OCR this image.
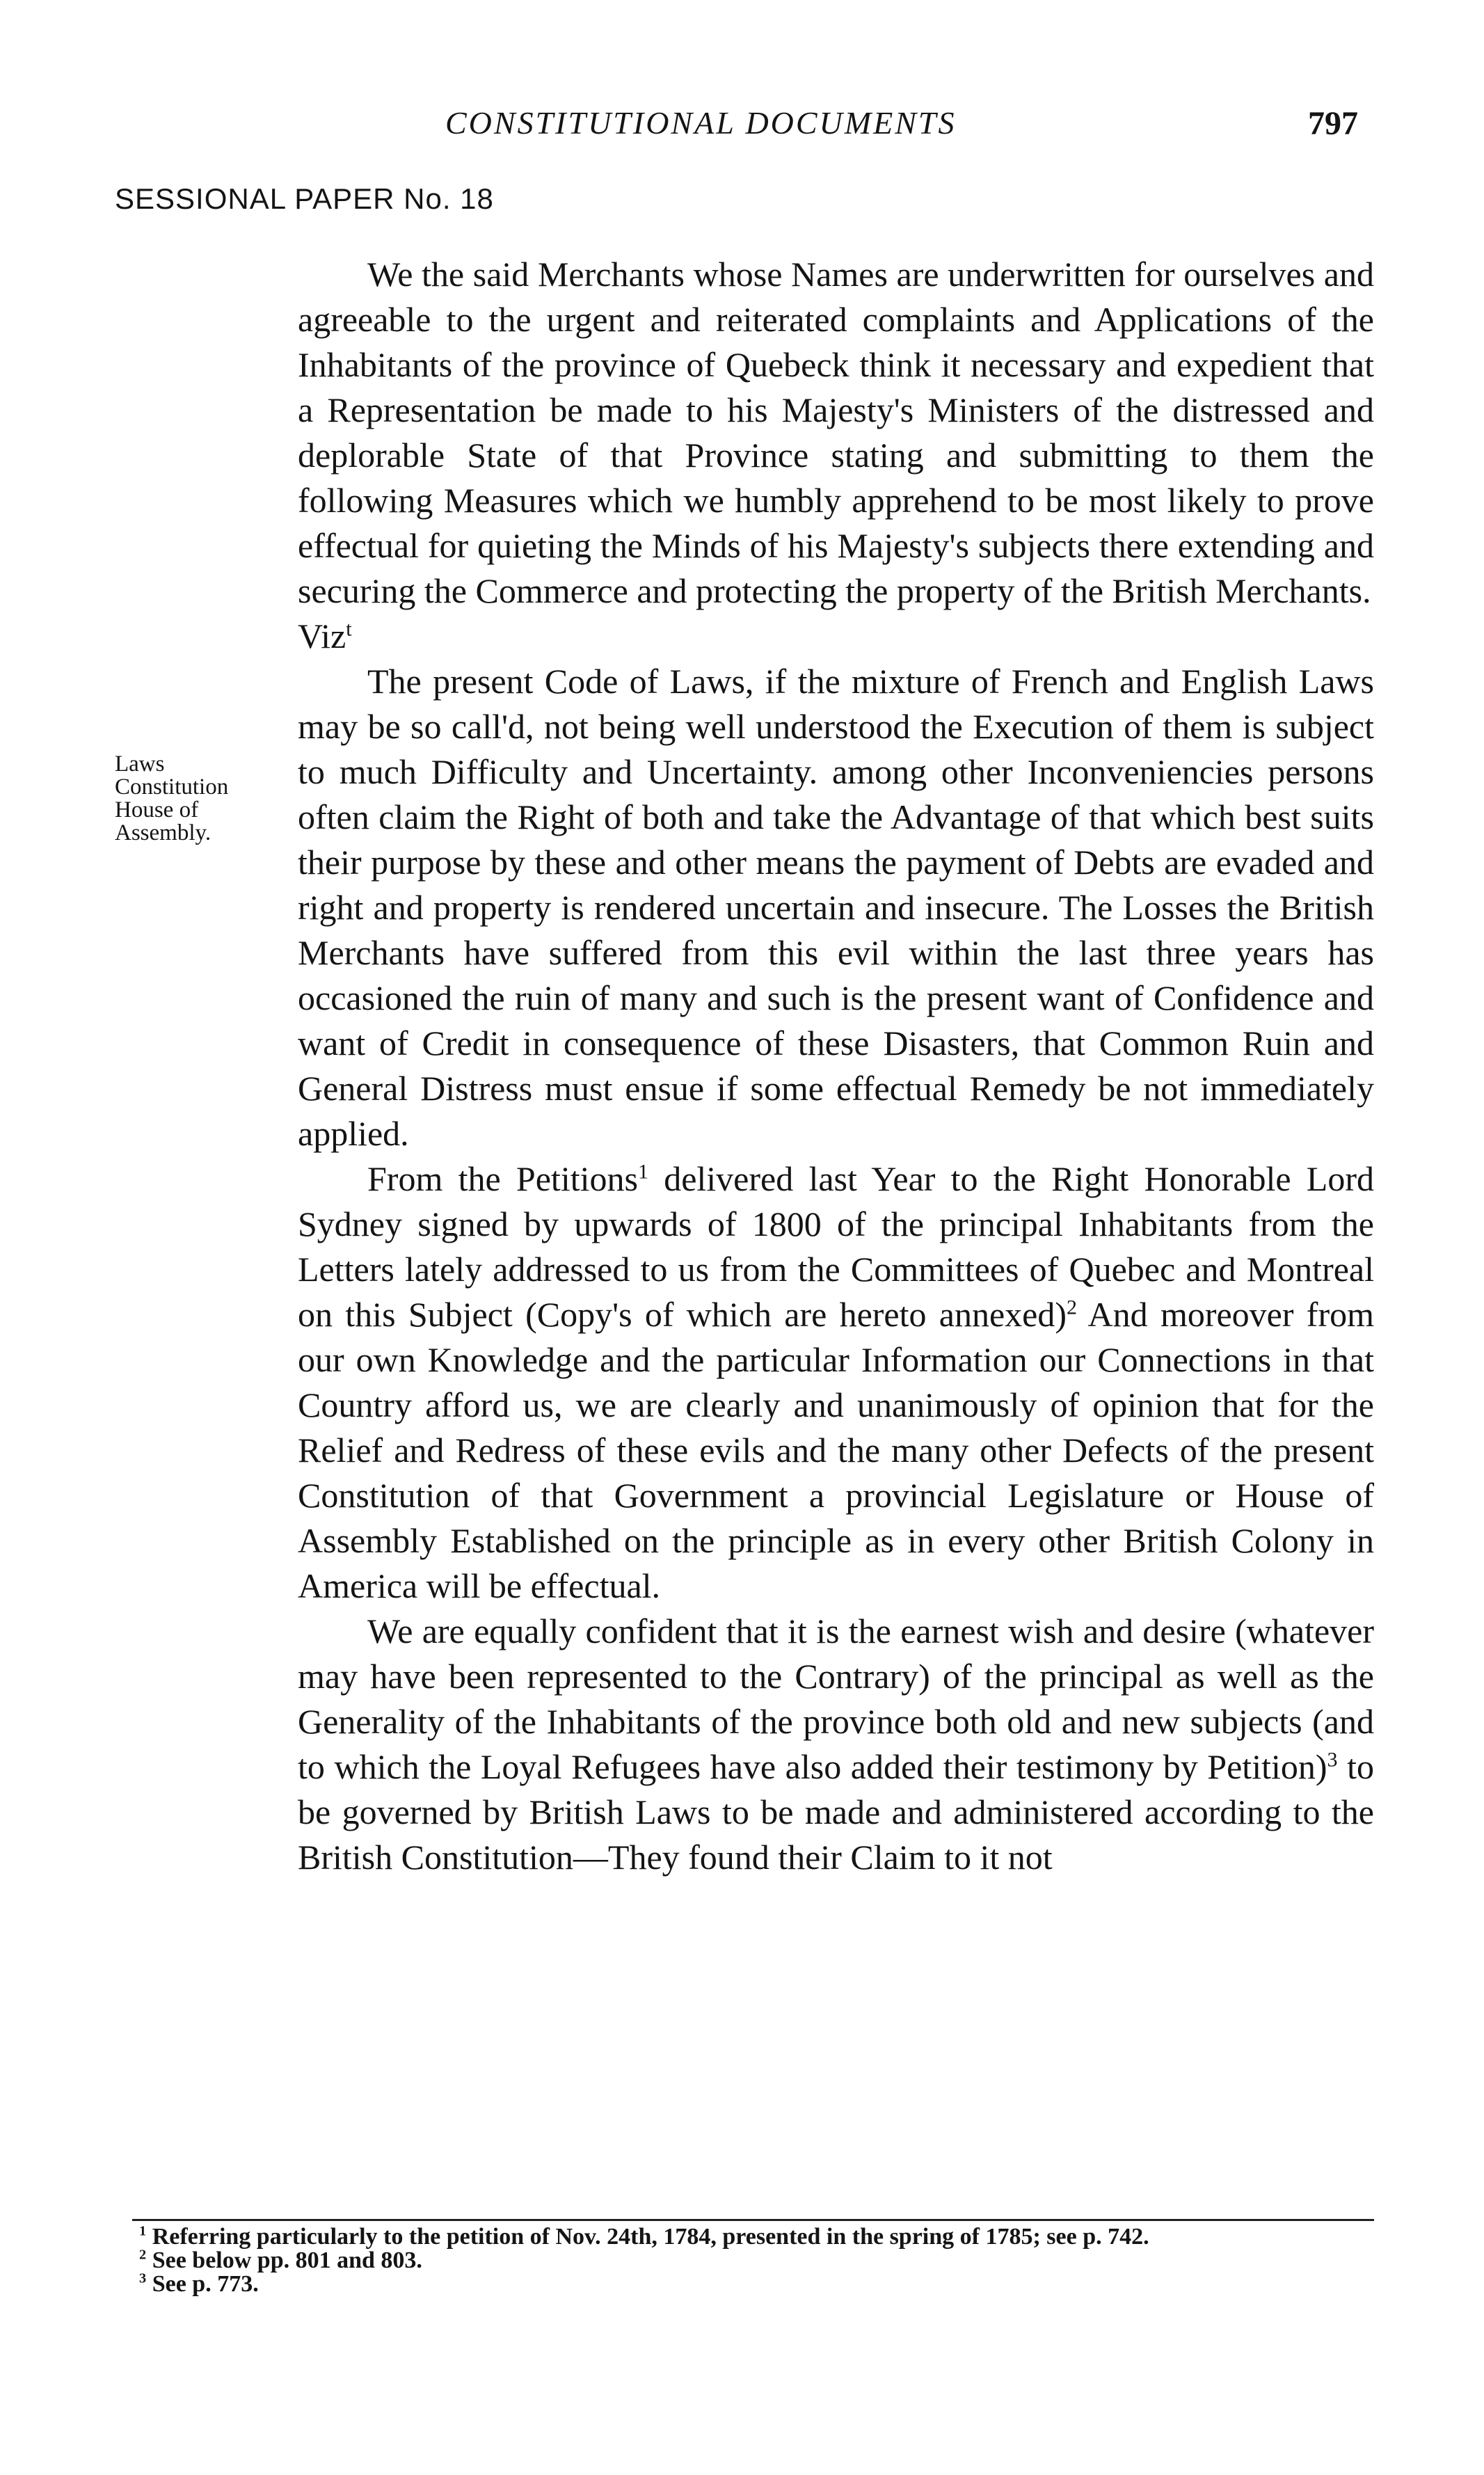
CONSTITUTIONAL DOCUMENTS	797
SESSIONAL PAPER No. 18
Laws
Constitution
House of
Assembly.

We the said Merchants whose Names are underwritten for ourselves and agreeable to the urgent and reiterated complaints and Applications of the Inhabitants of the province of Quebeck think it necessary and expedient that a Representation be made to his Majesty's Ministers of the distressed and deplorable State of that Province stating and submitting to them the following Measures which we humbly apprehend to be most likely to prove effectual for quieting the Minds of his Majesty's subjects there extending and securing the Commerce and protecting the property of the British Merchants.

Viz$^t$

The present Code of Laws, if the mixture of French and English Laws may be so call'd, not being well understood the Execution of them is subject to much Difficulty and Uncertainty. among other Inconveniencies persons often claim the Right of both and take the Advantage of that which best suits their purpose by these and other means the payment of Debts are evaded and right and property is rendered uncertain and insecure. The Losses the British Merchants have suffered from this evil within the last three years has occasioned the ruin of many and such is the present want of Confidence and want of Credit in consequence of these Disasters, that Common Ruin and General Distress must ensue if some effectual Remedy be not immediately applied.

From the Petitions$^1$ delivered last Year to the Right Honorable Lord Sydney signed by upwards of 1800 of the principal Inhabitants from the Letters lately addressed to us from the Committees of Quebec and Montreal on this Subject (Copy's of which are hereto annexed)$^2$ And moreover from our own Knowledge and the particular Information our Connections in that Country afford us, we are clearly and unanimously of opinion that for the Relief and Redress of these evils and the many other Defects of the present Constitution of that Government a provincial Legislature or House of Assembly Established on the principle as in every other British Colony in America will be effectual.

We are equally confident that it is the earnest wish and desire (whatever may have been represented to the Contrary) of the principal as well as the Generality of the Inhabitants of the province both old and new subjects (and to which the Loyal Refugees have also added their testimony by Petition)$^3$ to be governed by British Laws to be made and administered according to the British Constitution—They found their Claim to it not

$^1$ Referring particularly to the petition of Nov. 24th, 1784, presented in the spring of 1785; see p. 742.

$^2$ See below pp. 801 and 803.

$^3$ See p. 773.
